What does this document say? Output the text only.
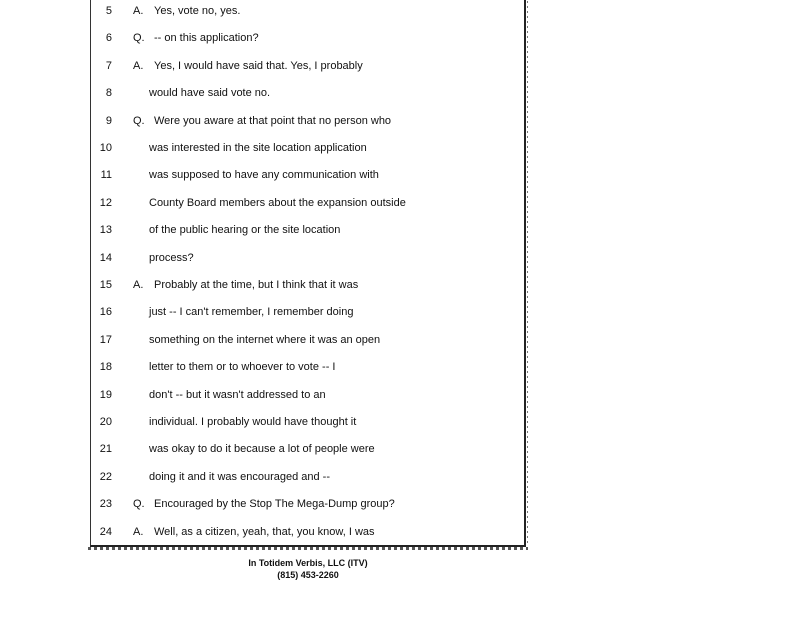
5 A. Yes, vote no, yes.
6 Q. -- on this application?
7 A. Yes, I would have said that. Yes, I probably
8	would have said vote no.
9 Q. Were you aware at that point that no person who
10	was interested in the site location application
11	was supposed to have any communication with
12	County Board members about the expansion outside
13	of the public hearing or the site location
14	process?
15 A. Probably at the time, but I think that it was
16	just -- I can't remember, I remember doing
17	something on the internet where it was an open
18	letter to them or to whoever to vote -- I
19	don't -- but it wasn't addressed to an
20	individual. I probably would have thought it
21	was okay to do it because a lot of people were
22	doing it and it was encouraged and --
23 Q. Encouraged by the Stop The Mega-Dump group?
24 A. Well, as a citizen, yeah, that, you know, I was
In Totidem Verbis, LLC (ITV)
(815) 453-2260
